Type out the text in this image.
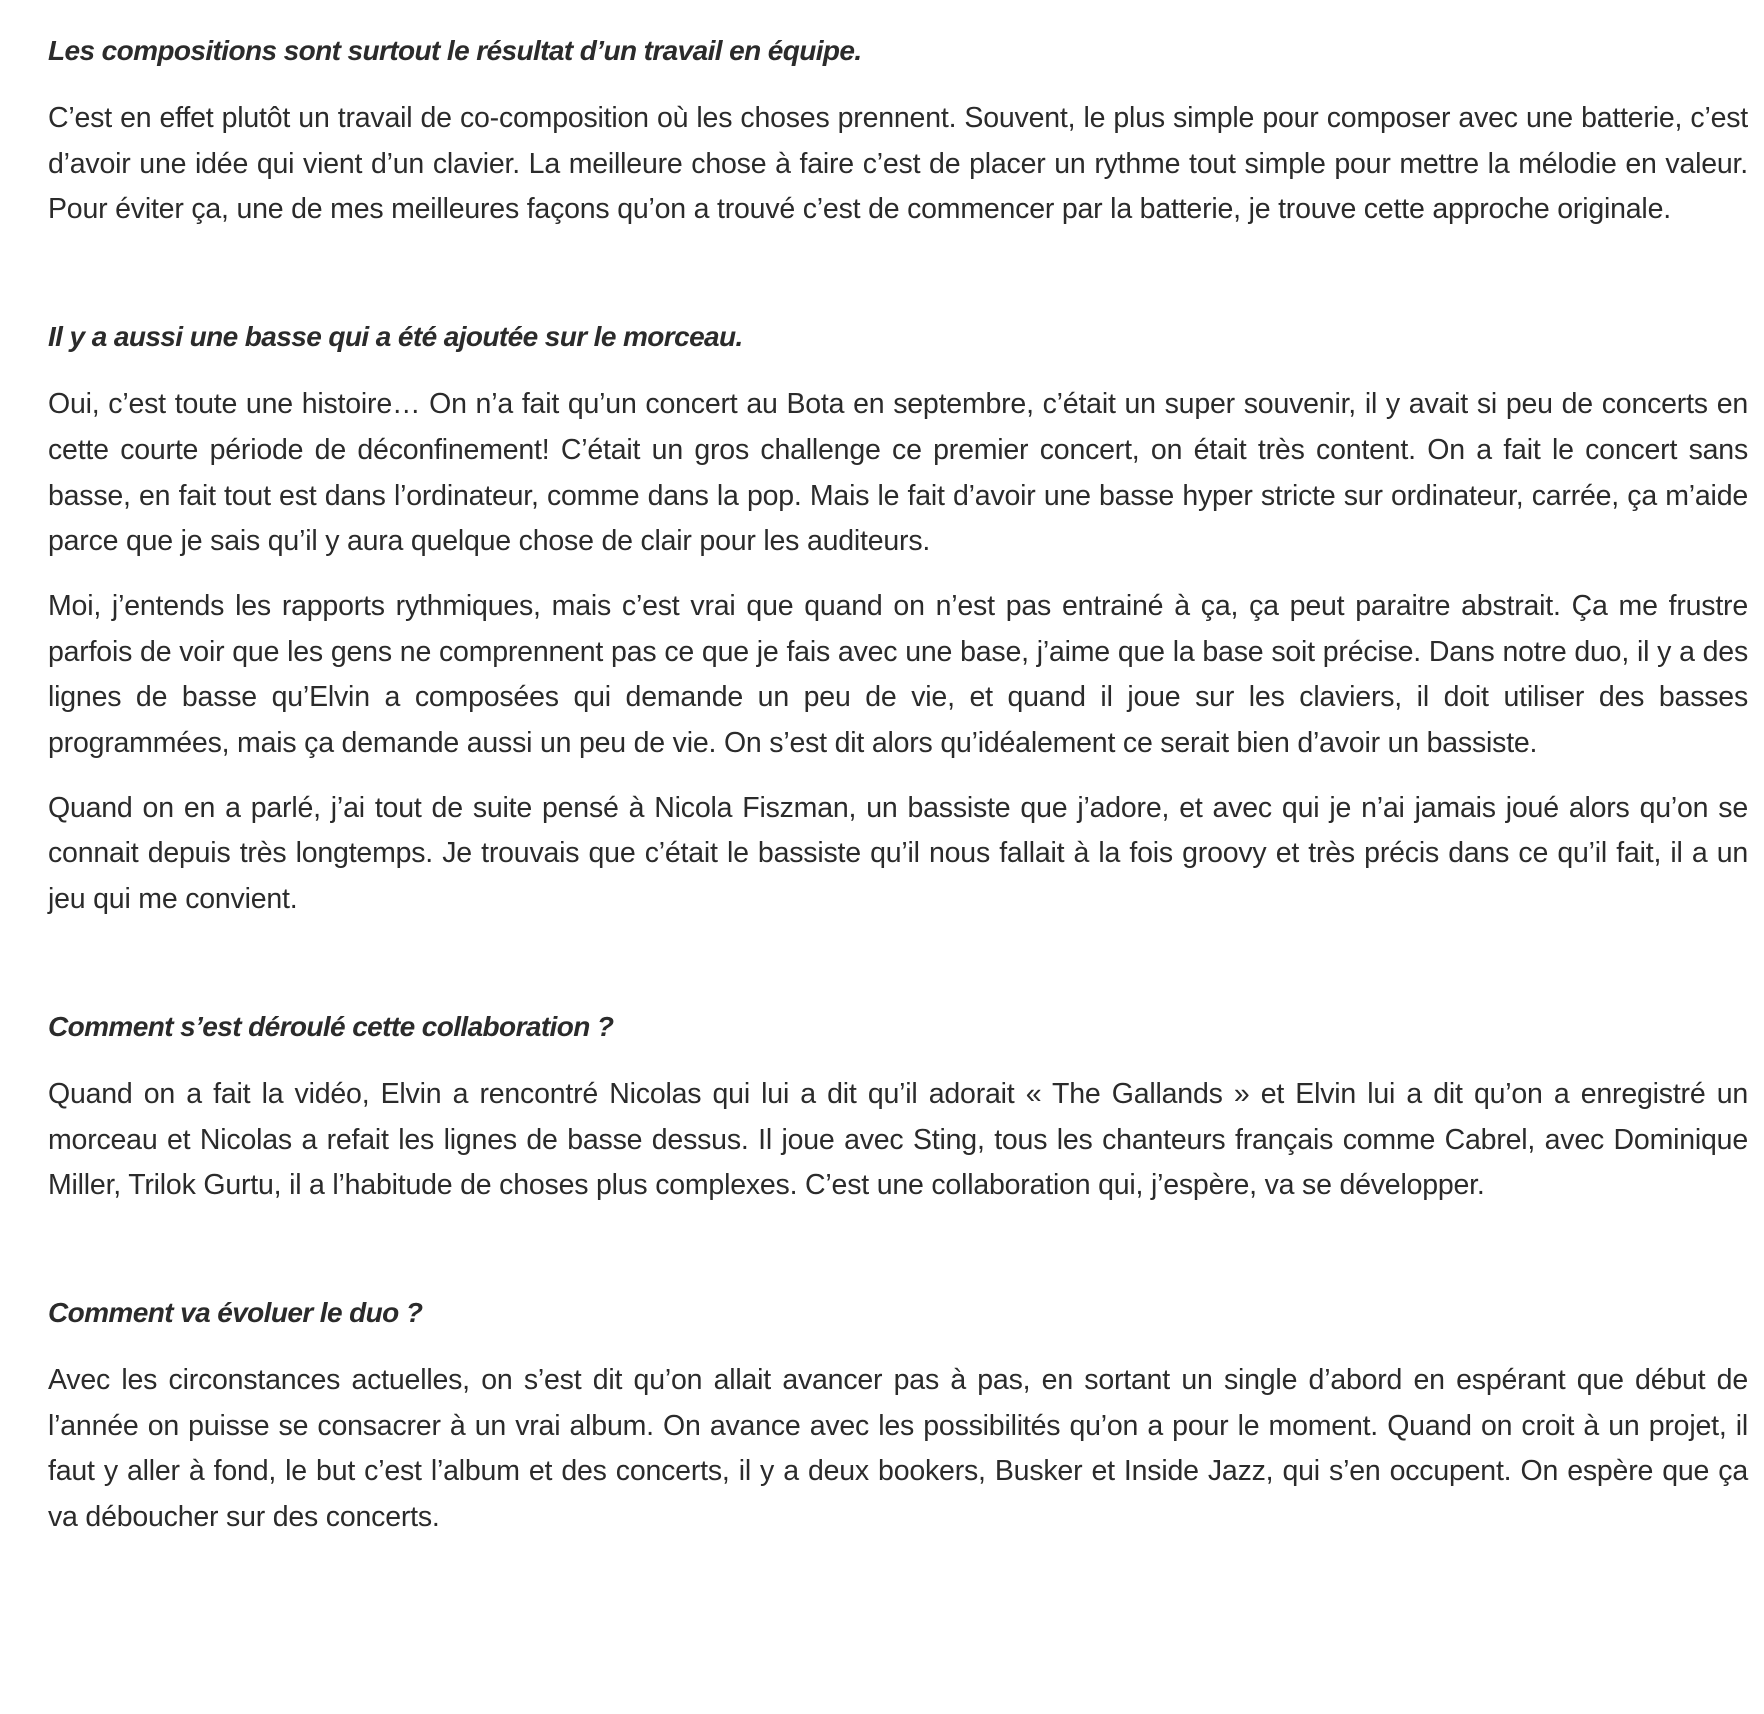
Les compositions sont surtout le résultat d’un travail en équipe.

C’est en effet plutôt un travail de co-composition où les choses prennent. Souvent, le plus simple pour composer avec une batterie, c’est d’avoir une idée qui vient d’un clavier. La meilleure chose à faire c’est de placer un rythme tout simple pour mettre la mélodie en valeur. Pour éviter ça, une de mes meilleures façons qu’on a trouvé c’est de commencer par la batterie, je trouve cette approche originale.

Il y a aussi une basse qui a été ajoutée sur le morceau.

Oui, c’est toute une histoire… On n’a fait qu’un concert au Bota en septembre, c’était un super souvenir, il y avait si peu de concerts en cette courte période de déconfinement! C’était un gros challenge ce premier concert, on était très content. On a fait le concert sans basse, en fait tout est dans l’ordinateur, comme dans la pop. Mais le fait d’avoir une basse hyper stricte sur ordinateur, carrée, ça m’aide parce que je sais qu’il y aura quelque chose de clair pour les auditeurs.

Moi, j’entends les rapports rythmiques, mais c’est vrai que quand on n’est pas entrainé à ça, ça peut paraitre abstrait. Ça me frustre parfois de voir que les gens ne comprennent pas ce que je fais avec une base, j’aime que la base soit précise. Dans notre duo, il y a des lignes de basse qu’Elvin a composées qui demande un peu de vie, et quand il joue sur les claviers, il doit utiliser des basses programmées, mais ça demande aussi un peu de vie. On s’est dit alors qu’idéalement ce serait bien d’avoir un bassiste.

Quand on en a parlé, j’ai tout de suite pensé à Nicola Fiszman, un bassiste que j’adore, et avec qui je n’ai jamais joué alors qu’on se connait depuis très longtemps. Je trouvais que c’était le bassiste qu’il nous fallait à la fois groovy et très précis dans ce qu’il fait, il a un jeu qui me convient.

Comment s’est déroulé cette collaboration ?

Quand on a fait la vidéo, Elvin a rencontré Nicolas qui lui a dit qu’il adorait « The Gallands » et Elvin lui a dit qu’on a enregistré un morceau et Nicolas a refait les lignes de basse dessus. Il joue avec Sting, tous les chanteurs français comme Cabrel, avec Dominique Miller, Trilok Gurtu, il a l’habitude de choses plus complexes. C’est une collaboration qui, j’espère, va se développer.

Comment va évoluer le duo ?

Avec les circonstances actuelles, on s’est dit qu’on allait avancer pas à pas, en sortant un single d’abord en espérant que début de l’année on puisse se consacrer à un vrai album. On avance avec les possibilités qu’on a pour le moment. Quand on croit à un projet, il faut y aller à fond, le but c’est l’album et des concerts, il y a deux bookers, Busker et Inside Jazz, qui s’en occupent. On espère que ça va déboucher sur des concerts.
